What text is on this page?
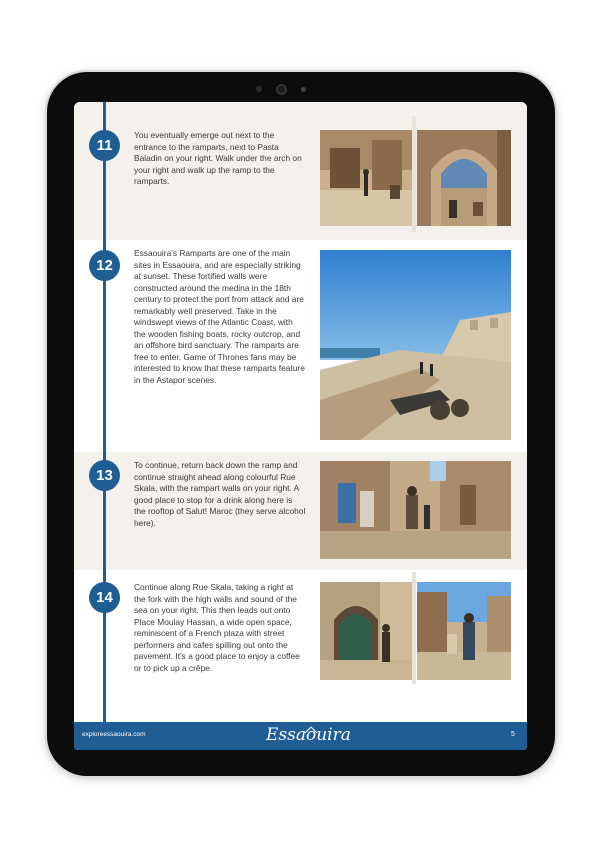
11
12
13
14
You eventually emerge out next to the entrance to the ramparts, next to Pasta Baladin on your right. Walk under the arch on your right and walk up the ramp to the ramparts.
Essaouira's Ramparts are one of the main sites in Essaouira, and are especially striking at sunset. These fortified walls were constructed around the medina in the 18th century to protect the port from attack and are remarkably well preserved. Take in the windswept views of the Atlantic Coast, with the wooden fishing boats, rocky outcrop, and an offshore bird sanctuary. The ramparts are free to enter. Game of Thrones fans may be interested to know that these ramparts feature in the Astapor scenes.
To continue, return back down the ramp and continue straight ahead along colourful Rue Skala, with the rampart walls on your right. A good place to stop for a drink along here is the rooftop of Salut! Maroc (they serve alcohol here).
Continue along Rue Skala, taking a right at the fork with the high walls and sound of the sea on your right. This then leads out onto Place Moulay Hassan, a wide open space, reminiscent of a French plaza with street performers and cafes spilling out onto the pavement. It's a good place to enjoy a coffee or to pick up a crêpe.
exploreessaouira.com	Essaouira	5
